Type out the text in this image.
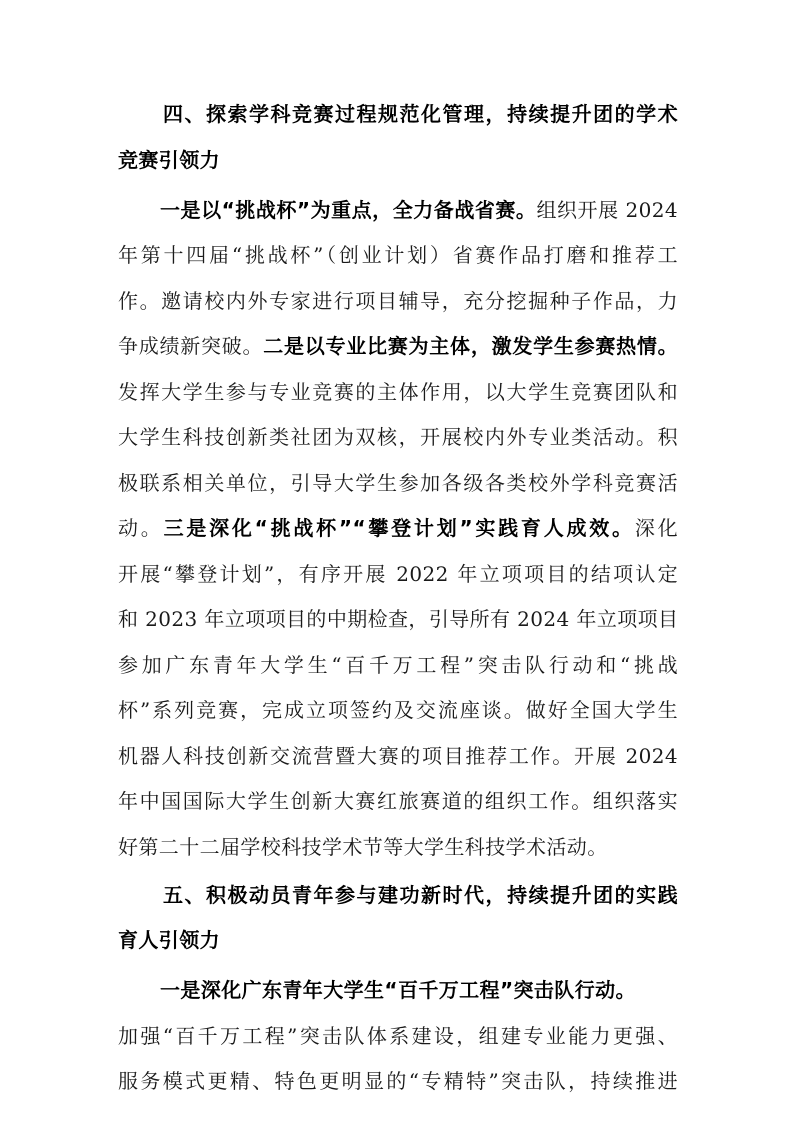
四、探索学科竞赛过程规范化管理，持续提升团的学术
竞赛引领力
一是以“挑战杯”为重点，全力备战省赛。组织开展 2024
年第十四届“挑战杯”（创业计划）省赛作品打磨和推荐工
作。邀请校内外专家进行项目辅导，充分挖掘种子作品，力
争成绩新突破。二是以专业比赛为主体，激发学生参赛热情。
发挥大学生参与专业竞赛的主体作用，以大学生竞赛团队和
大学生科技创新类社团为双核，开展校内外专业类活动。积
极联系相关单位，引导大学生参加各级各类校外学科竞赛活
动。三是深化“挑战杯”“攀登计划”实践育人成效。深化
开展“攀登计划”，有序开展 2022 年立项项目的结项认定
和 2023 年立项项目的中期检查，引导所有 2024 年立项项目
参加广东青年大学生“百千万工程”突击队行动和“挑战
杯”系列竞赛，完成立项签约及交流座谈。做好全国大学生
机器人科技创新交流营暨大赛的项目推荐工作。开展 2024
年中国国际大学生创新大赛红旅赛道的组织工作。组织落实
好第二十二届学校科技学术节等大学生科技学术活动。
五、积极动员青年参与建功新时代，持续提升团的实践
育人引领力
一是深化广东青年大学生“百千万工程”突击队行动。
加强“百千万工程”突击队体系建设，组建专业能力更强、
服务模式更精、特色更明显的“专精特”突击队，持续推进
